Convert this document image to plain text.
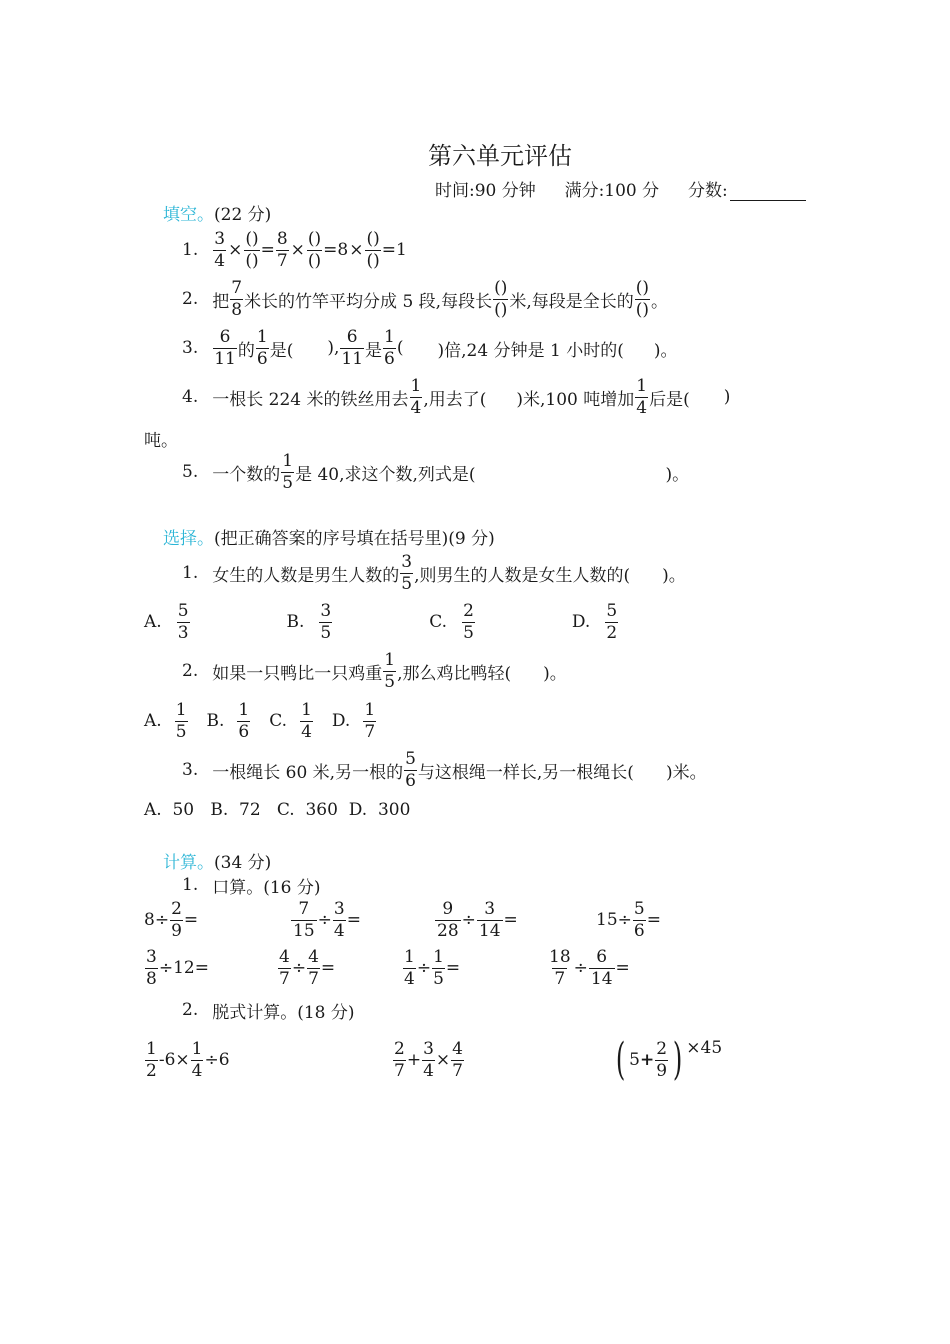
第六单元评估
时间:90 分钟 满分:100 分 分数:
填空。 (22 分)
1. $\frac{3}{4} \times \frac{()}{()} = \frac{8}{7} \times \frac{()}{()} =8 \times \frac{()}{()} =1$
2. 把 $\frac{7}{8}$ 米长的竹竿平均分成 5 段,每段长 $\frac{()}{()}$ 米,每段是全长的 $\frac{()}{()}$ 。
3. $\frac{6}{11}$ 的 $\frac{1}{6}$ 是( ), $\frac{6}{11}$ 是 $\frac{1}{6}$ ( )倍,24 分钟是 1 小时的( )。
4. 一根长 224 米的铁丝用去 $\frac{1}{4}$ ,用去了( )米,100 吨增加 $\frac{1}{4}$ 后是( )
吨。
5. 一个数的 $\frac{1}{5}$ 是 40,求这个数,列式是(	)。
选择。 (把正确答案的序号填在括号里)(9 分)
1. 女生的人数是男生人数的 $\frac{3}{5}$ ,则男生的人数是女生人数的( )。
A. $\frac{5}{3}$	B. $\frac{3}{5}$	C. $\frac{2}{5}$	D. $\frac{5}{2}$
2. 如果一只鸭比一只鸡重 $\frac{1}{5}$ ,那么鸡比鸭轻( )。
A. $\frac{1}{5} B$. $\frac{1}{6} C$. $\frac{1}{4} D$. $\frac{1}{7}$
3. 一根绳长 60 米,另一根的 $\frac{5}{6}$ 与这根绳一样长,另一根绳长( )米。
A.  50   B.  72   C.  360  D.  300
计算。 (34 分)
1. 口算。(16 分)
$8 \div \frac{2}{9}$ =	$\frac{7}{15} \div \frac{3}{4}$ =	$\frac{9}{28} \div \frac{3}{14}$ =	$15 \div \frac{5}{6}$ =
$\frac{3}{8} \div 12$ =	$\frac{4}{7} \div \frac{4}{7}$ =	$\frac{1}{4} \div \frac{1}{5}$ =	$\frac{18}{7} \div \frac{6}{14}$ =
2. 脱式计算。(18 分)
$\frac{1}{2} - 6 \times \frac{1}{4} \div 6$	$\frac{2}{7} + \frac{3}{4} \times \frac{4}{7}$	( $5 + \frac{2}{9}$ ) ×45
